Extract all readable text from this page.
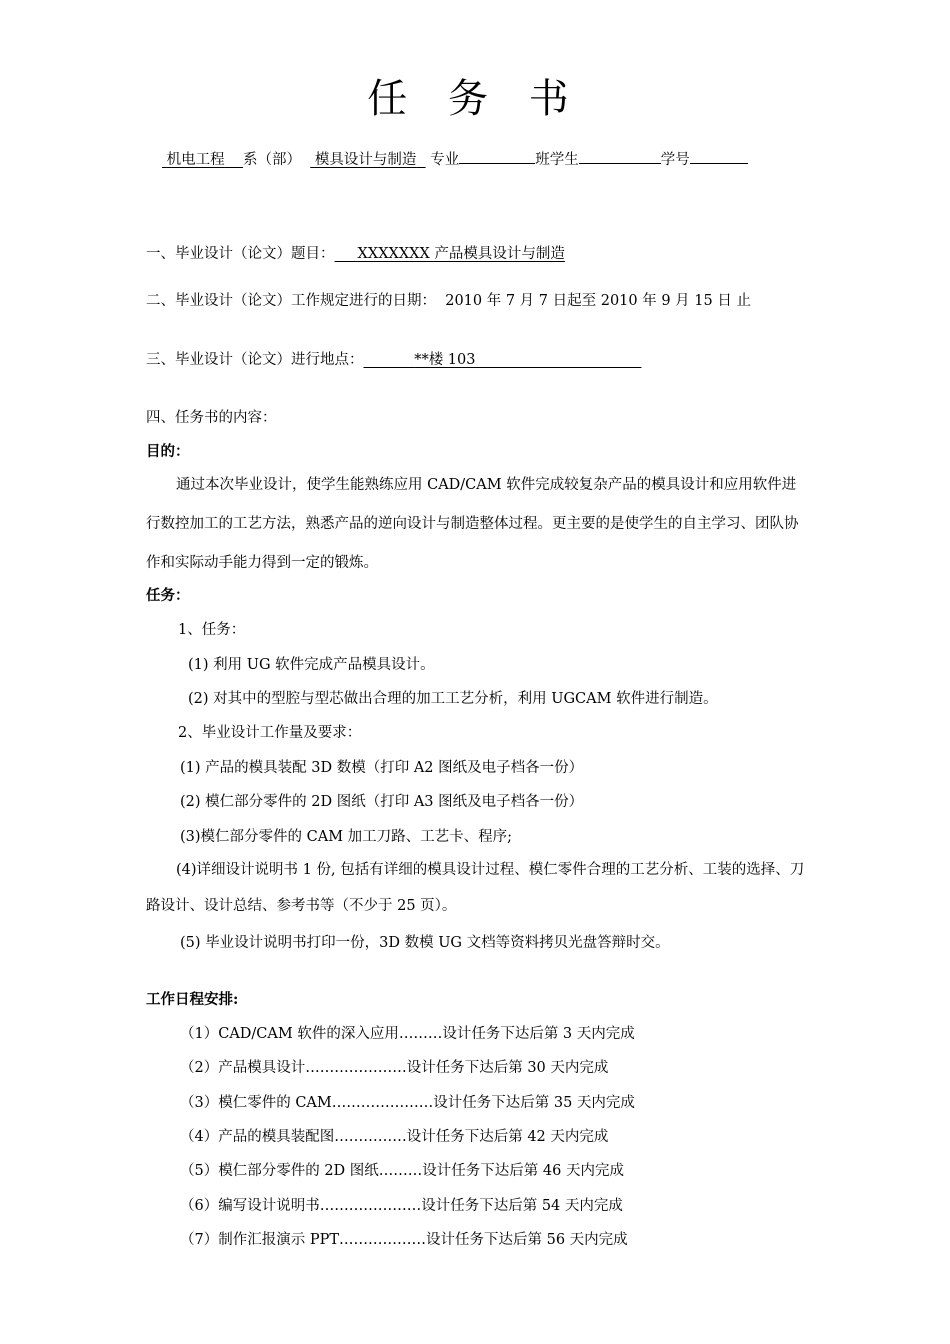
任 务 书
机电工程 系（部） 模具设计与制造 专业	班学生	学号
一、毕业设计（论文）题目： XXXXXXX 产品模具设计与制造
二、毕业设计（论文）工作规定进行的日期： 2010 年 7 月 7 日起至 2010 年 9 月 15 日 止
三、毕业设计（论文）进行地点：	**楼 103
四、任务书的内容：
目的：
通过本次毕业设计，使学生能熟练应用 CAD/CAM 软件完成较复杂产品的模具设计和应用软件进行数控加工的工艺方法，熟悉产品的逆向设计与制造整体过程。更主要的是使学生的自主学习、团队协作和实际动手能力得到一定的锻炼。
任务：
1、任务：
(1) 利用 UG 软件完成产品模具设计。
(2) 对其中的型腔与型芯做出合理的加工工艺分析，利用 UGCAM 软件进行制造。
2、毕业设计工作量及要求：
(1) 产品的模具装配 3D 数模（打印 A2 图纸及电子档各一份）
(2) 模仁部分零件的 2D 图纸（打印 A3 图纸及电子档各一份）
(3)模仁部分零件的 CAM 加工刀路、工艺卡、程序;
(4)详细设计说明书 1 份, 包括有详细的模具设计过程、模仁零件合理的工艺分析、工装的选择、刀路设计、设计总结、参考书等（不少于 25 页）。
(5) 毕业设计说明书打印一份，3D 数模 UG 文档等资料拷贝光盘答辩时交。
工作日程安排:
（1）CAD/CAM 软件的深入应用………设计任务下达后第 3 天内完成
（2）产品模具设计…………………设计任务下达后第 30 天内完成
（3）模仁零件的 CAM…………………设计任务下达后第 35 天内完成
（4）产品的模具装配图……………设计任务下达后第 42 天内完成
（5）模仁部分零件的 2D 图纸………设计任务下达后第 46 天内完成
（6）编写设计说明书…………………设计任务下达后第 54 天内完成
（7）制作汇报演示 PPT………………设计任务下达后第 56 天内完成
